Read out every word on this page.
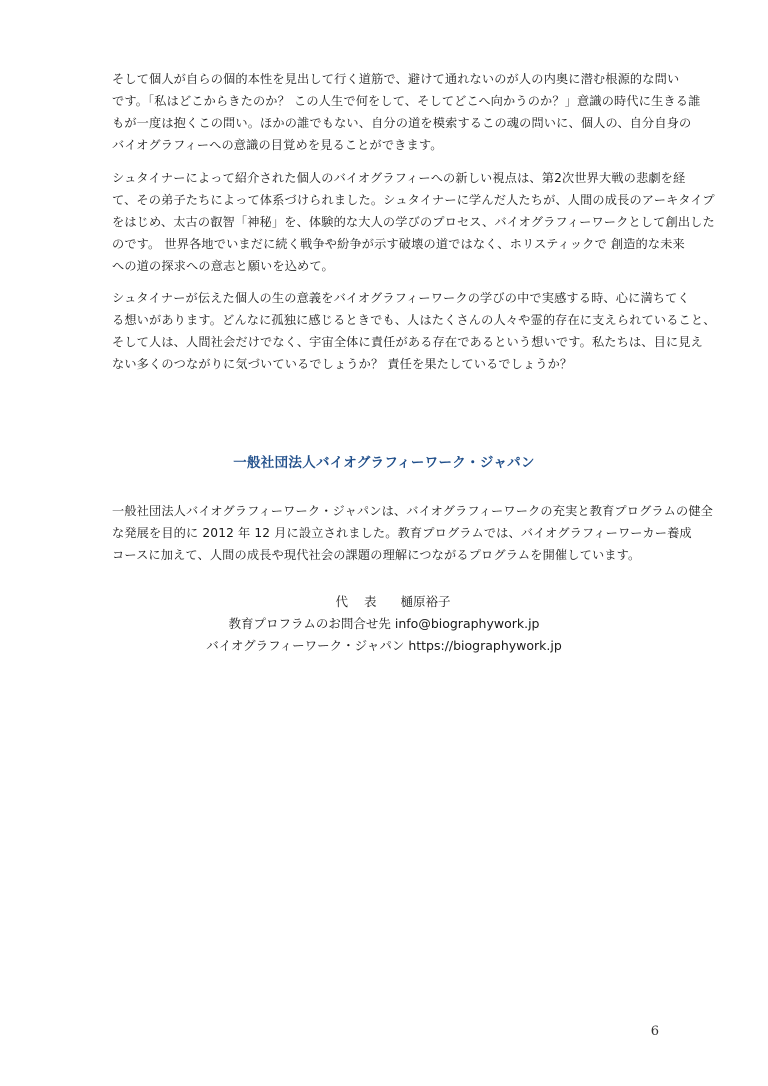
そして個人が自らの個的本性を見出して行く道筋で、避けて通れないのが人の内奥に潜む根源的な問い
です。「私はどこからきたのか？ この人生で何をして、そしてどこへ向かうのか？」意識の時代に生きる誰
もが一度は抱くこの問い。ほかの誰でもない、自分の道を模索するこの魂の問いに、個人の、自分自身の
バイオグラフィーへの意識の目覚めを見ることができます。
シュタイナーによって紹介された個人のバイオグラフィーへの新しい視点は、第2次世界大戦の悲劇を経
て、その弟子たちによって体系づけられました。シュタイナーに学んだ人たちが、人間の成長のアーキタイプ
をはじめ、太古の叡智「神秘」を、体験的な大人の学びのプロセス、バイオグラフィーワークとして創出した
のです。 世界各地でいまだに続く戦争や紛争が示す破壊の道ではなく、ホリスティックで 創造的な未来
への道の探求への意志と願いを込めて。
シュタイナーが伝えた個人の生の意義をバイオグラフィーワークの学びの中で実感する時、心に満ちてく
る想いがあります。どんなに孤独に感じるときでも、人はたくさんの人々や霊的存在に支えられていること、
そして人は、人間社会だけでなく、宇宙全体に責任がある存在であるという想いです。私たちは、目に見え
ない多くのつながりに気づいているでしょうか？ 責任を果たしているでしょうか？
一般社団法人バイオグラフィーワーク・ジャパン
一般社団法人バイオグラフィーワーク・ジャパンは、バイオグラフィーワークの充実と教育プログラムの健全
な発展を目的に 2012 年 12 月に設立されました。教育プログラムでは、バイオグラフィーワーカー養成
コースに加えて、人間の成長や現代社会の課題の理解につながるプログラムを開催しています。
代 表 樋原裕子
教育プロフラムのお問合せ先 info@biographywork.jp
バイオグラフィーワーク・ジャパン https://biographywork.jp
6
